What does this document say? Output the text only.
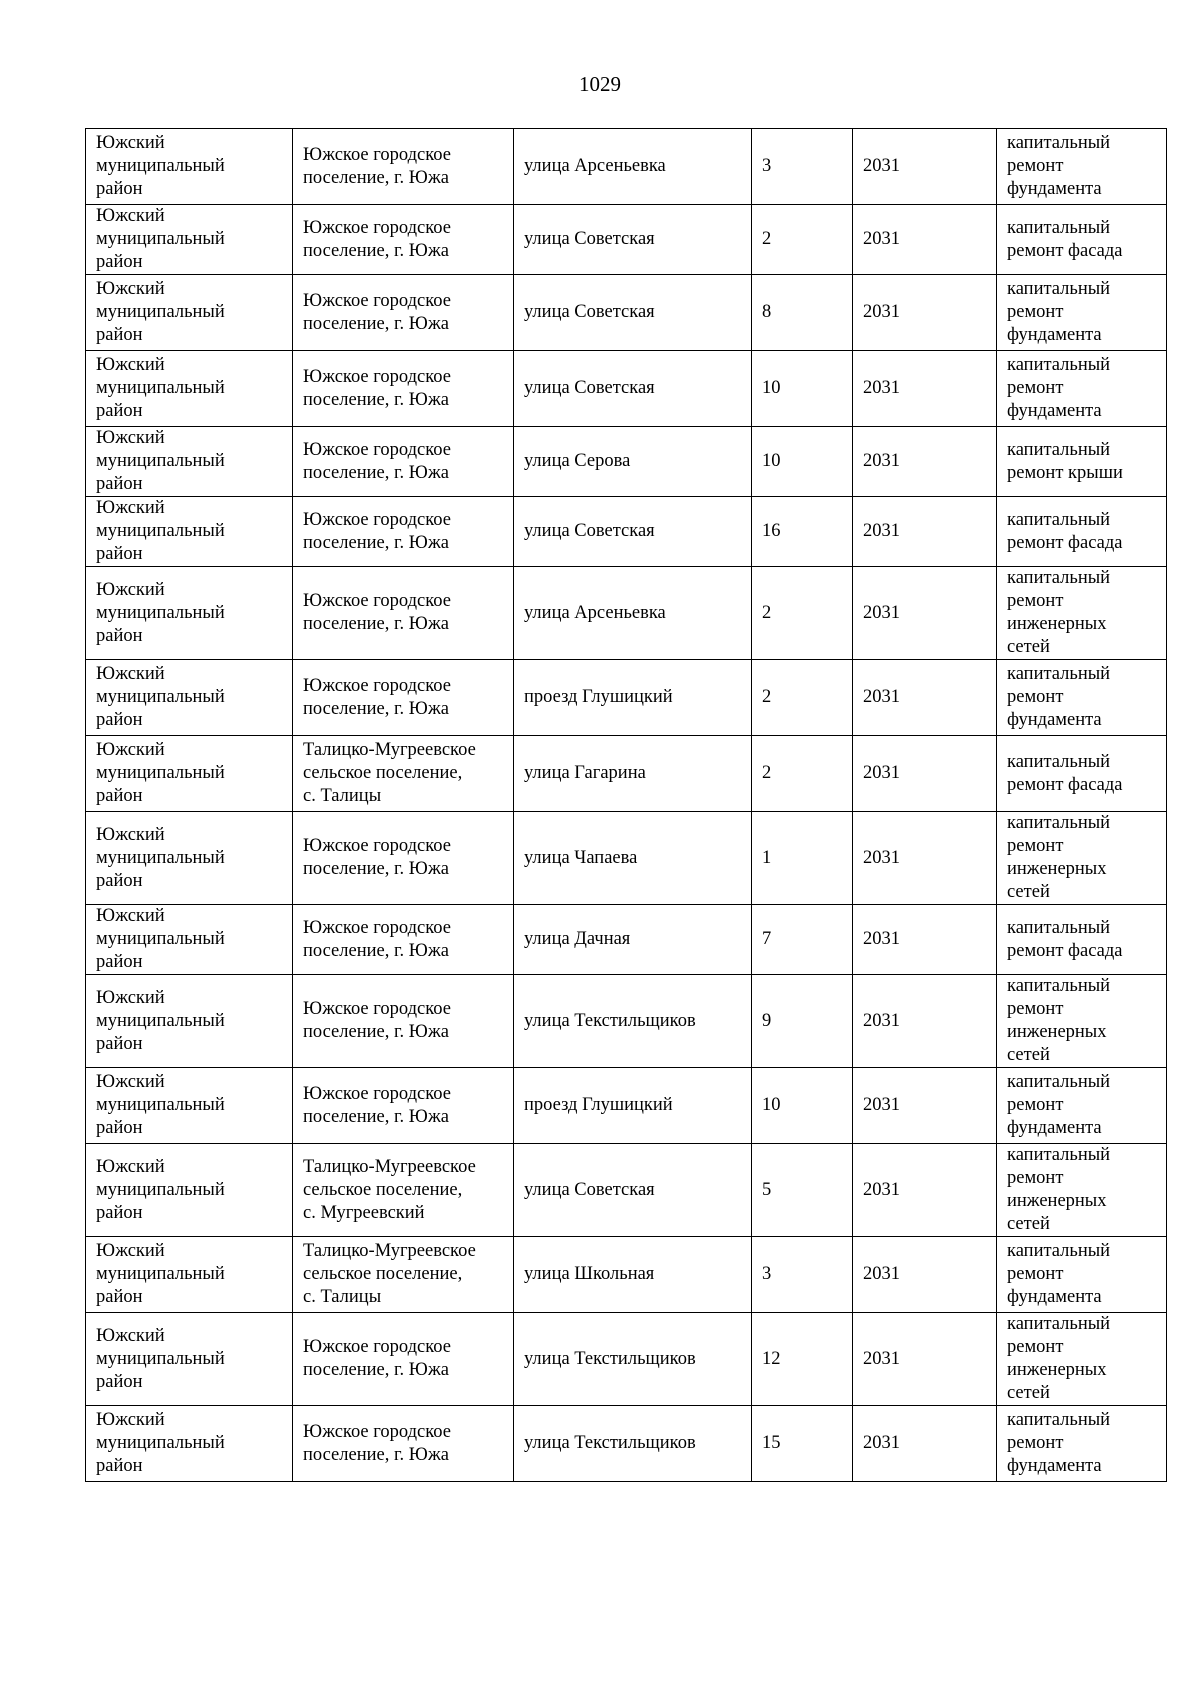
1029
Южский
муниципальный
район	Южское городское
поселение, г. Южа	улица Арсеньевка	3	2031	капитальный
ремонт
фундамента

Южский
муниципальный
район	Южское городское
поселение, г. Южа	улица Советская	2	2031	капитальный
ремонт фасада

Южский
муниципальный
район	Южское городское
поселение, г. Южа	улица Советская	8	2031	капитальный
ремонт
фундамента

Южский
муниципальный
район	Южское городское
поселение, г. Южа	улица Советская	10	2031	капитальный
ремонт
фундамента

Южский
муниципальный
район	Южское городское
поселение, г. Южа	улица Серова	10	2031	капитальный
ремонт крыши

Южский
муниципальный
район	Южское городское
поселение, г. Южа	улица Советская	16	2031	капитальный
ремонт фасада

Южский
муниципальный
район	Южское городское
поселение, г. Южа	улица Арсеньевка	2	2031	капитальный
ремонт
инженерных
сетей

Южский
муниципальный
район	Южское городское
поселение, г. Южа	проезд Глушицкий	2	2031	капитальный
ремонт
фундамента

Южский
муниципальный
район	Талицко-Мугреевское
сельское поселение,
с. Талицы	улица Гагарина	2	2031	капитальный
ремонт фасада

Южский
муниципальный
район	Южское городское
поселение, г. Южа	улица Чапаева	1	2031	капитальный
ремонт
инженерных
сетей

Южский
муниципальный
район	Южское городское
поселение, г. Южа	улица Дачная	7	2031	капитальный
ремонт фасада

Южский
муниципальный
район	Южское городское
поселение, г. Южа	улица Текстильщиков	9	2031	капитальный
ремонт
инженерных
сетей

Южский
муниципальный
район	Южское городское
поселение, г. Южа	проезд Глушицкий	10	2031	капитальный
ремонт
фундамента

Южский
муниципальный
район	Талицко-Мугреевское
сельское поселение,
с. Мугреевский	улица Советская	5	2031	капитальный
ремонт
инженерных
сетей

Южский
муниципальный
район	Талицко-Мугреевское
сельское поселение,
с. Талицы	улица Школьная	3	2031	капитальный
ремонт
фундамента

Южский
муниципальный
район	Южское городское
поселение, г. Южа	улица Текстильщиков	12	2031	капитальный
ремонт
инженерных
сетей

Южский
муниципальный
район	Южское городское
поселение, г. Южа	улица Текстильщиков	15	2031	капитальный
ремонт
фундамента
